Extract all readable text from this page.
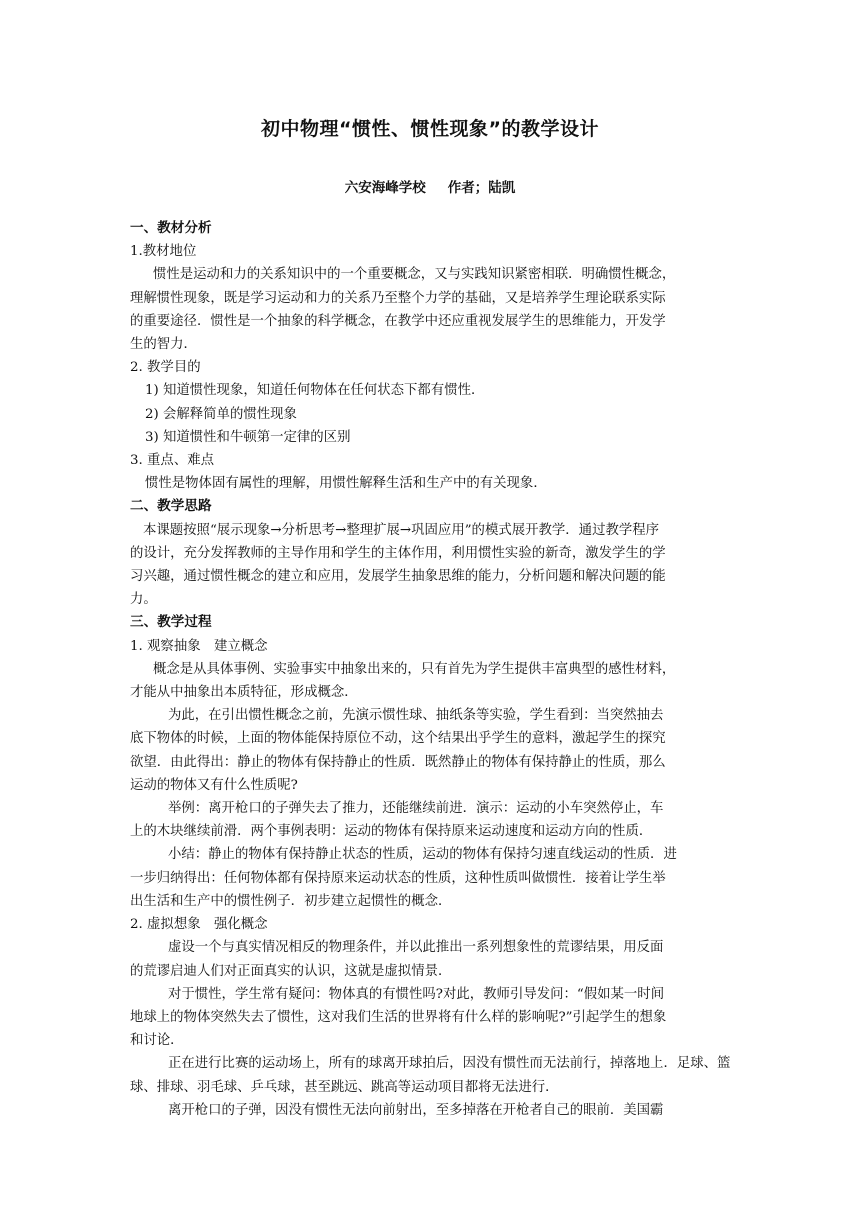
初中物理“惯性、惯性现象”的教学设计
六安海峰学校 作者；陆凯

一、教材分析

1.教材地位

惯性是运动和力的关系知识中的一个重要概念，又与实践知识紧密相联．明确惯性概念，

理解惯性现象，既是学习运动和力的关系乃至整个力学的基础，又是培养学生理论联系实际

的重要途径．惯性是一个抽象的科学概念，在教学中还应重视发展学生的思维能力，开发学

生的智力．

2. 教学目的

1) 知道惯性现象，知道任何物体在任何状态下都有惯性．

2) 会解释简单的惯性现象

3) 知道惯性和牛顿第一定律的区别

3. 重点、难点

惯性是物体固有属性的理解，用惯性解释生活和生产中的有关现象．

二、教学思路

本课题按照“展示现象→分析思考→整理扩展→巩固应用”的模式展开教学．通过教学程序

的设计，充分发挥教师的主导作用和学生的主体作用，利用惯性实验的新奇，激发学生的学

习兴趣，通过惯性概念的建立和应用，发展学生抽象思维的能力，分析问题和解决问题的能

力。

三、教学过程

1. 观察抽象　建立概念

概念是从具体事例、实验事实中抽象出来的，只有首先为学生提供丰富典型的感性材料，

才能从中抽象出本质特征，形成概念．

为此，在引出惯性概念之前，先演示惯性球、抽纸条等实验，学生看到：当突然抽去

底下物体的时候，上面的物体能保持原位不动，这个结果出乎学生的意料，激起学生的探究

欲望．由此得出：静止的物体有保持静止的性质．既然静止的物体有保持静止的性质，那么

运动的物体又有什么性质呢?

举例：离开枪口的子弹失去了推力，还能继续前进．演示：运动的小车突然停止，车

上的木块继续前滑．两个事例表明：运动的物体有保持原来运动速度和运动方向的性质．

小结：静止的物体有保持静止状态的性质，运动的物体有保持匀速直线运动的性质．进

一步归纳得出：任何物体都有保持原来运动状态的性质，这种性质叫做惯性．接着让学生举

出生活和生产中的惯性例子．初步建立起惯性的概念．

2. 虚拟想象　强化概念

虚设一个与真实情况相反的物理条件，并以此推出一系列想象性的荒谬结果，用反面

的荒谬启迪人们对正面真实的认识，这就是虚拟情景．

对于惯性，学生常有疑问：物体真的有惯性吗?对此，教师引导发问：“假如某一时间

地球上的物体突然失去了惯性，这对我们生活的世界将有什么样的影响呢?”引起学生的想象

和讨论．

正在进行比赛的运动场上，所有的球离开球拍后，因没有惯性而无法前行，掉落地上．足球、篮

球、排球、羽毛球、乒乓球，甚至跳远、跳高等运动项目都将无法进行．

离开枪口的子弹，因没有惯性无法向前射出，至多掉落在开枪者自己的眼前．美国霸
